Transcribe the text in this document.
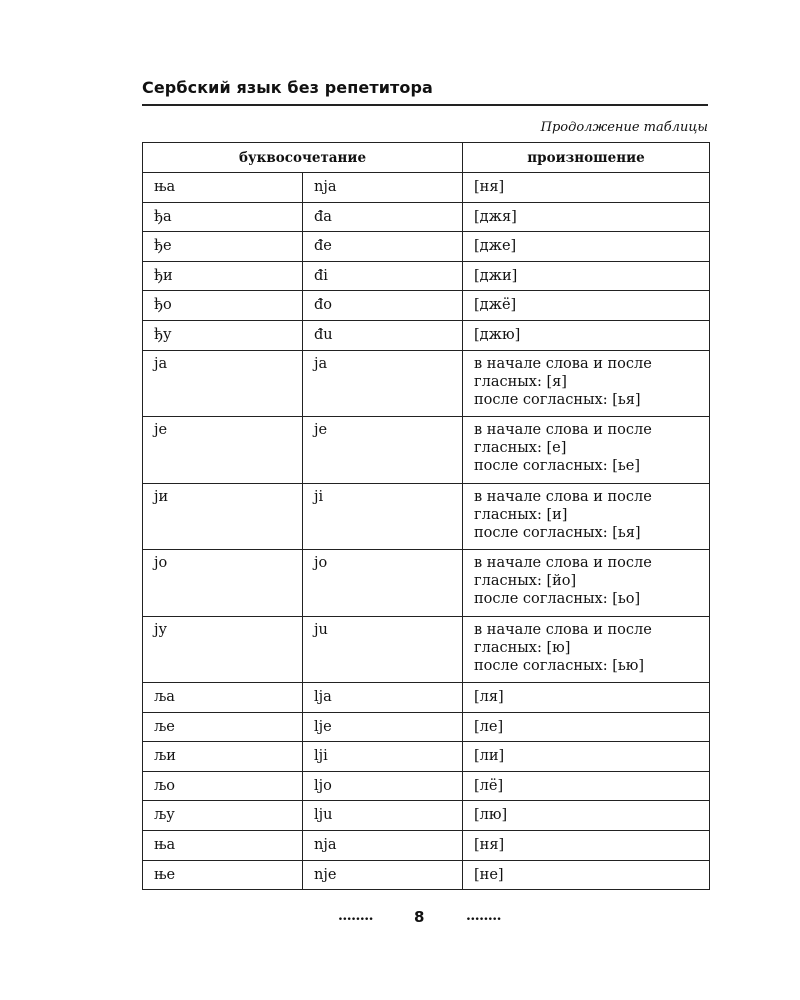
Сербский язык без репетитора
Продолжение таблицы
буквосочетание		произношение
ња	nja	[ня]
ђа	đa	[джя]
ђе	đe	[дже]
ђи	đi	[джи]
ђо	đo	[джё]
ђу	đu	[джю]
ја	ja	в начале слова и после гласных: [я]
после согласных: [ья]
је	je	в начале слова и после гласных: [е]
после согласных: [ье]
ји	ji	в начале слова и после гласных: [и]
после согласных: [ья]
јо	jo	в начале слова и после гласных: [йо]
после согласных: [ьо]
ју	ju	в начале слова и после гласных: [ю]
после согласных: [ью]
ља	lja	[ля]
ље	lje	[ле]
љи	lji	[ли]
љо	ljo	[лё]
љу	lju	[лю]
ња	nja	[ня]
ње	nje	[не]
........	8	........
